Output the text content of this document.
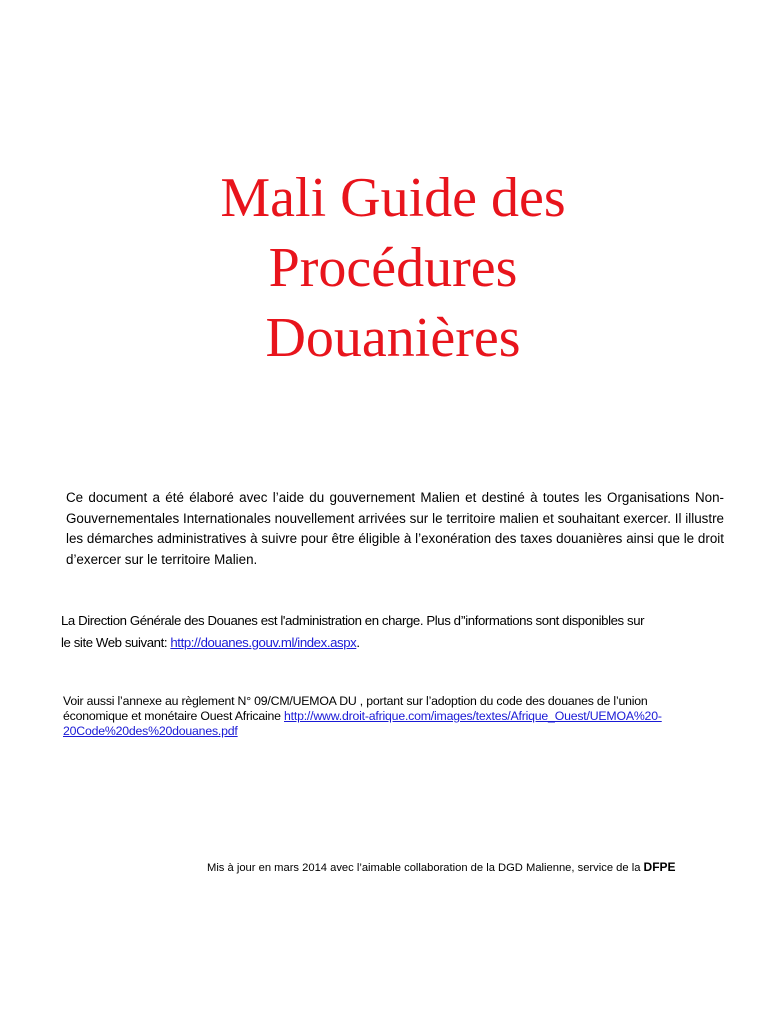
Mali Guide des
Procédures
Douanières

Ce document a été élaboré avec l’aide du gouvernement Malien et destiné à toutes les Organisations Non-Gouvernementales Internationales nouvellement arrivées sur le territoire malien et souhaitant exercer. Il illustre les démarches administratives à suivre pour être éligible à l’exonération des taxes douanières ainsi que le droit d’exercer sur le territoire Malien.

La Direction Générale des Douanes est l'administration en charge. Plus d’'informations sont disponibles sur
le site Web suivant: http://douanes.gouv.ml/index.aspx.

Voir aussi l’annexe au règlement N° 09/CM/UEMOA DU , portant sur l’adoption du code des douanes de l’union
économique et monétaire Ouest Africaine http://www.droit-afrique.com/images/textes/Afrique_Ouest/UEMOA%20-
20Code%20des%20douanes.pdf

Mis à jour en mars 2014 avec l’aimable collaboration de la DGD Malienne, service de la DFPE
